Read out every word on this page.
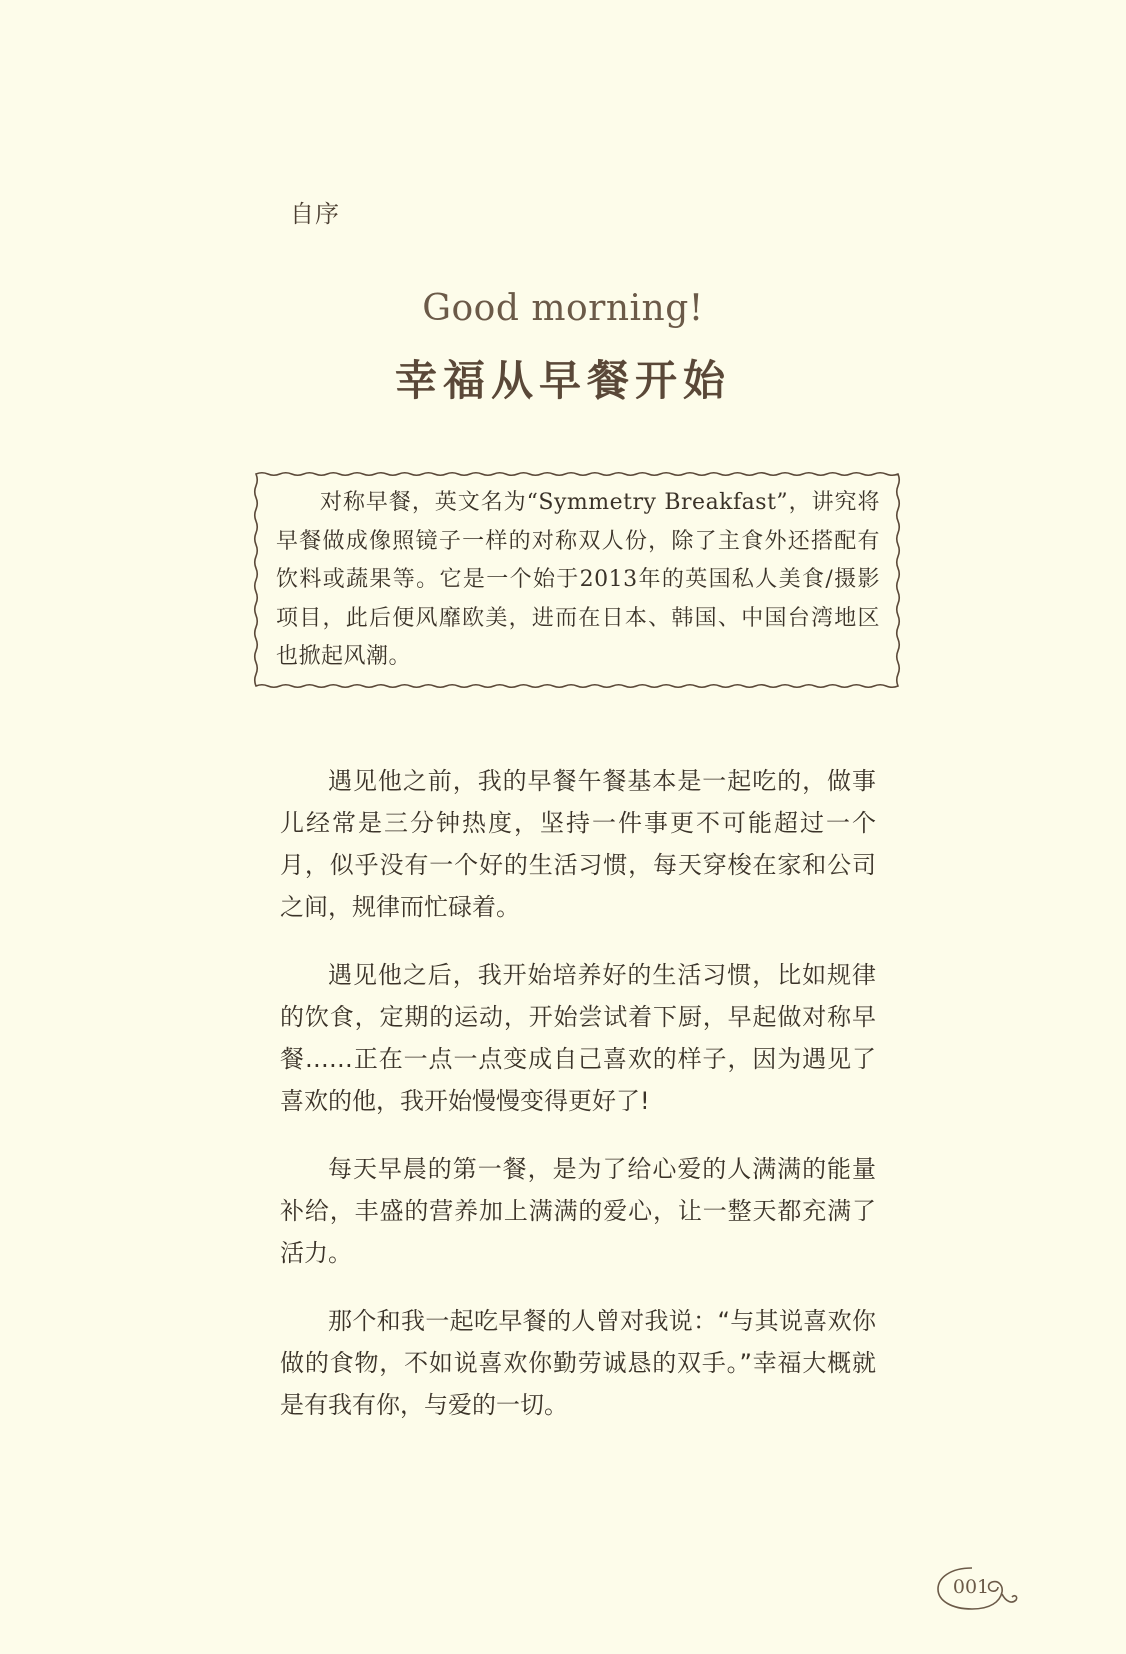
自序
Good morning!
幸福从早餐开始
对称早餐，英文名为“Symmetry Breakfast”，讲究将早餐做成像照镜子一样的对称双人份，除了主食外还搭配有饮料或蔬果等。它是一个始于2013年的英国私人美食/摄影项目，此后便风靡欧美，进而在日本、韩国、中国台湾地区也掀起风潮。

遇见他之前，我的早餐午餐基本是一起吃的，做事儿经常是三分钟热度，坚持一件事更不可能超过一个月，似乎没有一个好的生活习惯，每天穿梭在家和公司之间，规律而忙碌着。

遇见他之后，我开始培养好的生活习惯，比如规律的饮食，定期的运动，开始尝试着下厨，早起做对称早餐……正在一点一点变成自己喜欢的样子，因为遇见了喜欢的他，我开始慢慢变得更好了!

每天早晨的第一餐，是为了给心爱的人满满的能量补给，丰盛的营养加上满满的爱心，让一整天都充满了活力。

那个和我一起吃早餐的人曾对我说：“与其说喜欢你做的食物，不如说喜欢你勤劳诚恳的双手。”幸福大概就是有我有你，与爱的一切。

001
